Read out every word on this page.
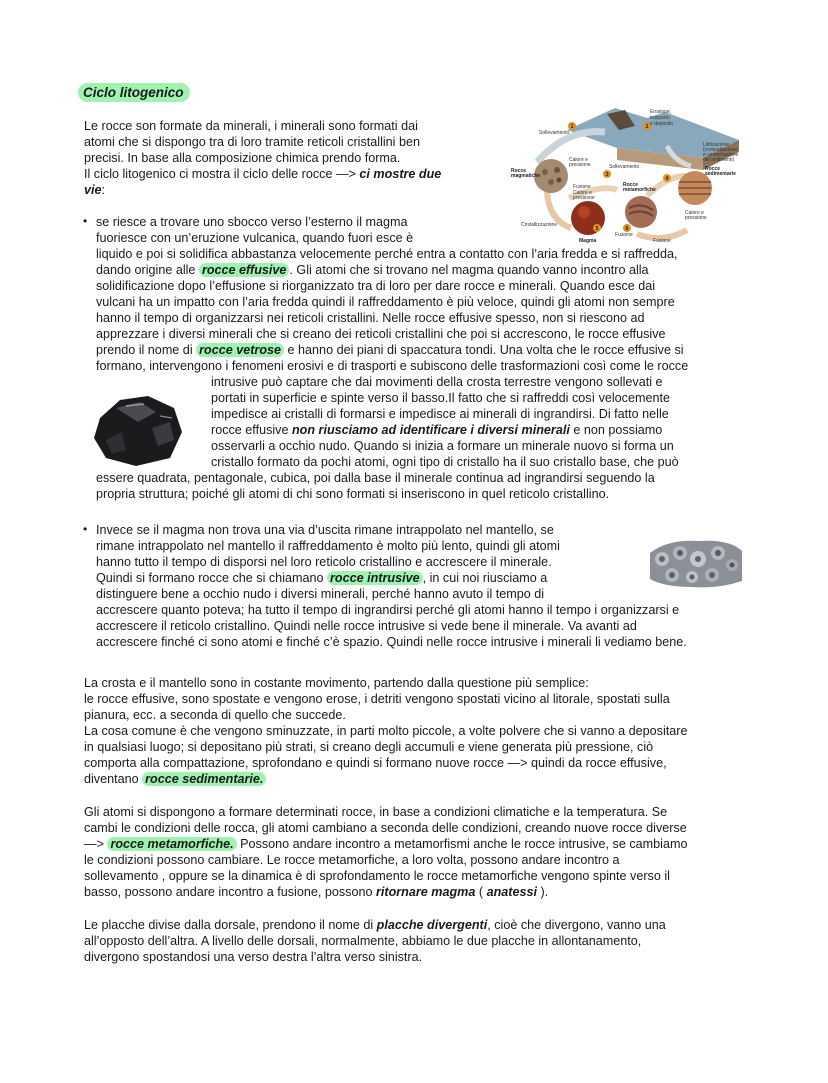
Ciclo litogenico

Le rocce son formate da minerali, i minerali sono formati dai

atomi che si dispongo tra di loro tramite reticoli cristallini ben

precisi. In base alla composizione chimica prendo forma.

Il ciclo litogenico ci mostra il ciclo delle rocce —> ci mostre due

vie:

1	2
3
4
5	6
Erosione,
trasporto
e deposito
Sollevamento
Sollevamento
Litificazione
(compattazione
e cementazione
dei sedimenti)
Calore e
pressione
Rocce
sedimentarie
Rocce
magmatiche
Fusione
Calore e
pressione
Rocce
metamorfiche
Calore e
pressione
Cristallizzazione
Magma
Fusione
Fusione
• se riesce a trovare uno sbocco verso l’esterno il magma

fuoriesce con un’eruzione vulcanica, quando fuori esce è

liquido e poi si solidifica abbastanza velocemente perché entra a contatto con l’aria fredda e si raffredda,

dando origine alle rocce effusive . Gli atomi che si trovano nel magma quando vanno incontro alla

solidificazione dopo l’effusione si riorganizzato tra di loro per dare rocce e minerali. Quando esce dai

vulcani ha un impatto con l’aria fredda quindi il raffreddamento è più veloce, quindi gli atomi non sempre

hanno il tempo di organizzarsi nei reticoli cristallini. Nelle rocce effusive spesso, non si riescono ad

apprezzare i diversi minerali che si creano dei reticoli cristallini che poi si accrescono, le rocce effusive

prendo il nome di rocce vetrose e hanno dei piani di spaccatura tondi. Una volta che le rocce effusive si

formano, intervengono i fenomeni erosivi e di trasporti e subiscono delle trasformazioni così come le rocce

intrusive può captare che dai movimenti della crosta terrestre vengono sollevati e

portati in superficie e spinte verso il basso.Il fatto che si raffreddi così velocemente

impedisce ai cristalli di formarsi e impedisce ai minerali di ingrandirsi. Di fatto nelle

rocce effusive non riusciamo ad identificare i diversi minerali e non possiamo

osservarli a occhio nudo. Quando si inizia a formare un minerale nuovo si forma un

cristallo formato da pochi atomi, ogni tipo di cristallo ha il suo cristallo base, che può

essere quadrata, pentagonale, cubica, poi dalla base il minerale continua ad ingrandirsi seguendo la

propria struttura; poiché gli atomi di chi sono formati si inseriscono in quel reticolo cristallino.

• Invece se il magma non trova una via d’uscita rimane intrappolato nel mantello, se

rimane intrappolato nel mantello il raffreddamento è molto più lento, quindi gli atomi

hanno tutto il tempo di disporsi nel loro reticolo cristallino e accrescere il minerale.

Quindi si formano rocce che si chiamano rocce intrusive , in cui noi riusciamo a

distinguere bene a occhio nudo i diversi minerali, perché hanno avuto il tempo di

accrescere quanto poteva; ha tutto il tempo di ingrandirsi perché gli atomi hanno il tempo i organizzarsi e

accrescere il reticolo cristallino. Quindi nelle rocce intrusive si vede bene il minerale. Va avanti ad

accrescere finché ci sono atomi e finché c’è spazio. Quindi nelle rocce intrusive i minerali li vediamo bene.

La crosta e il mantello sono in costante movimento, partendo dalla questione più semplice:

le rocce effusive, sono spostate e vengono erose, i detriti vengono spostati vicino al litorale, spostati sulla

pianura, ecc. a seconda di quello che succede.

La cosa comune è che vengono sminuzzate, in parti molto piccole, a volte polvere che si vanno a depositare

in qualsiasi luogo; si depositano più strati, si creano degli accumuli e viene generata più pressione, ciò

comporta alla compattazione, sprofondano e quindi si formano nuove rocce —> quindi da rocce effusive,

diventano rocce sedimentarie.

Gli atomi si dispongono a formare determinati rocce, in base a condizioni climatiche e la temperatura. Se

cambi le condizioni delle rocca, gli atomi cambiano a seconda delle condizioni, creando nuove rocce diverse

—> rocce metamorfiche. Possono andare incontro a metamorfismi anche le rocce intrusive, se cambiamo

le condizioni possono cambiare. Le rocce metamorfiche, a loro volta, possono andare incontro a

sollevamento , oppure se la dinamica è di sprofondamento le rocce metamorfiche vengono spinte verso il

basso, possono andare incontro a fusione, possono ritornare magma ( anatessi ).

Le placche divise dalla dorsale, prendono il nome di placche divergenti, cioè che divergono, vanno una

all’opposto dell’altra. A livello delle dorsali, normalmente, abbiamo le due placche in allontanamento,

divergono spostandosi una verso destra l’altra verso sinistra.
